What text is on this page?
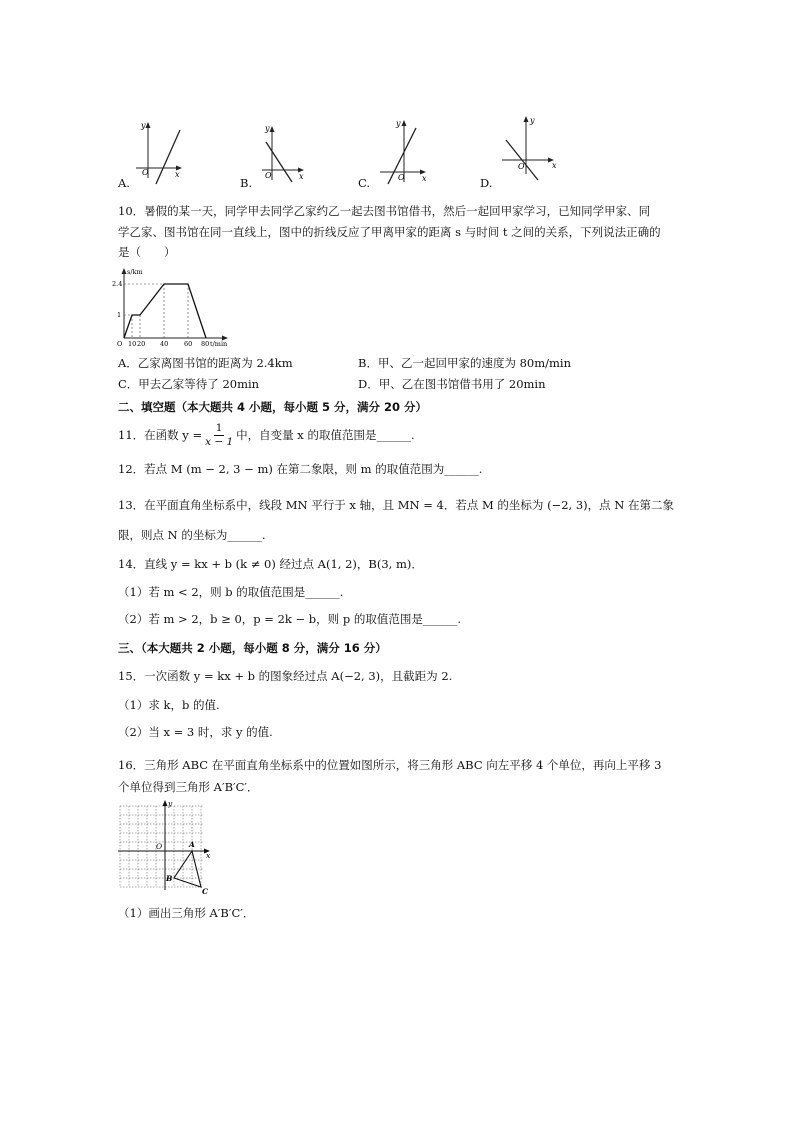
y
x
O
A.
y
x
O
B.
y
x
O
C.
y
x
O
D.
10．暑假的某一天，同学甲去同学乙家约乙一起去图书馆借书，然后一起回甲家学习，已知同学甲家、同
学乙家、图书馆在同一直线上，图中的折线反应了甲离甲家的距离 s 与时间 t 之间的关系，下列说法正确的
是（　　）
s/km
t/min
2.4
1
O 10 20 40 60 80
A．乙家离图书馆的距离为 2.4km	B．甲、乙一起回甲家的速度为 80m/min
C．甲去乙家等待了 20min	D．甲、乙在图书馆借书用了 20min
二、填空题（本大题共 4 小题，每小题 5 分，满分 20 分）
11．在函数 $y = \frac{1}{x - 1}$ 中，自变量 x 的取值范围是______.
12．若点 M (m − 2, 3 − m) 在第二象限，则 m 的取值范围为______.
13．在平面直角坐标系中，线段 MN 平行于 x 轴，且 MN = 4．若点 M 的坐标为 (−2, 3)，点 N 在第二象
限，则点 N 的坐标为______.
14．直线 y = kx + b (k ≠ 0) 经过点 A(1, 2)，B(3, m)．
（1）若 m < 2，则 b 的取值范围是______.
（2）若 m > 2，b ≥ 0，p = 2k − b，则 p 的取值范围是______.
三、（本大题共 2 小题，每小题 8 分，满分 16 分）
15．一次函数 y = kx + b 的图象经过点 A(−2, 3)，且截距为 2.
（1）求 k，b 的值.
（2）当 x = 3 时，求 y 的值.
16．三角形 ABC 在平面直角坐标系中的位置如图所示，将三角形 ABC 向左平移 4 个单位，再向上平移 3
个单位得到三角形 A′B′C′．
y
x
O	A
B
C
（1）画出三角形 A′B′C′．
